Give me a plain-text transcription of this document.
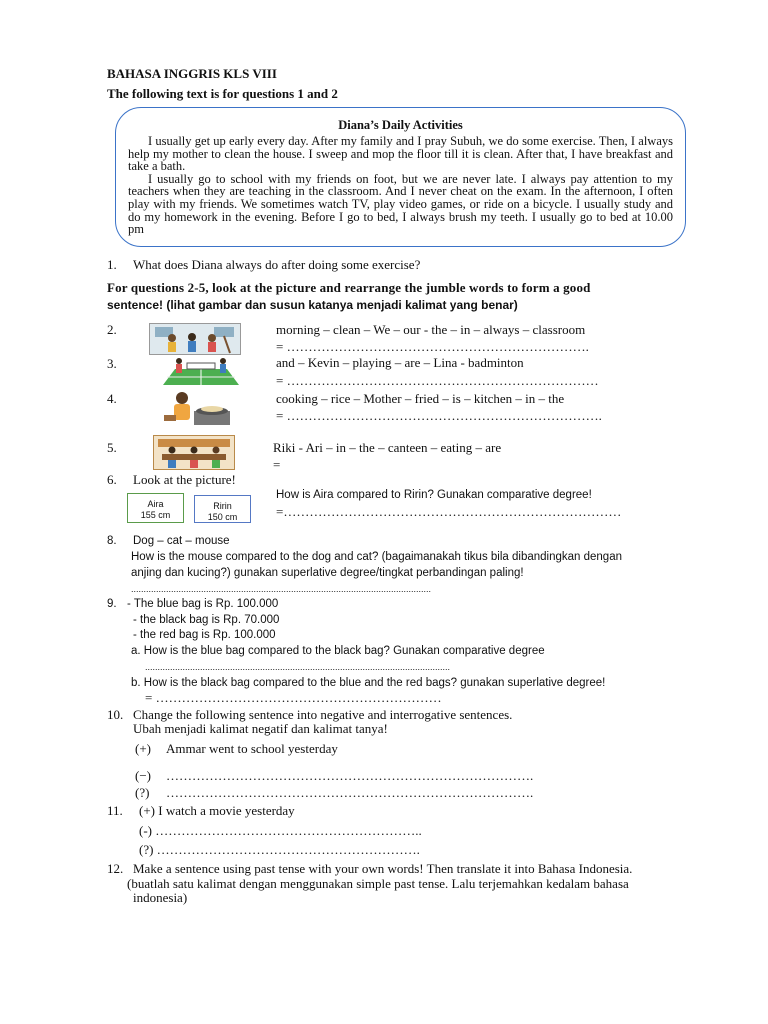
BAHASA INGGRIS KLS VIII
The following text is for questions 1 and 2
Diana’s Daily Activities

I usually get up early every day. After my family and I pray Subuh, we do some exercise. Then, I always help my mother to clean the house. I sweep and mop the floor till it is clean. After that, I have breakfast and take a bath.

I usually go to school with my friends on foot, but we are never late. I always pay attention to my teachers when they are teaching in the classroom. And I never cheat on the exam. In the afternoon, I often play with my friends. We sometimes watch TV, play video games, or ride on a bicycle. I usually study and do my homework in the evening. Before I go to bed, I always brush my teeth. I usually go to bed at 10.00 pm

1. What does Diana always do after doing some exercise?
For questions 2-5, look at the picture and rearrange the jumble words to form a good
sentence! (lihat gambar dan susun katanya menjadi kalimat yang benar)
2.	morning – clean – We – our - the – in – always – classroom
= …………………………………………………………….
3.	and – Kevin – playing – are – Lina - badminton
= ………………………………………………………………
4.	cooking – rice – Mother – fried – is – kitchen – in – the
= ……………………………………………………………….
5.	Riki - Ari – in – the – canteen – eating – are
=
6. Look at the picture!
Aira
155 cm
Ririn
150 cm
How is Aira compared to Ririn? Gunakan comparative degree!
=……………………………………………………………………
8. Dog – cat – mouse
How is the mouse compared to the dog and cat? (bagaimanakah tikus bila dibandingkan dengan
anjing dan kucing?) gunakan superlative degree/tingkat perbandingan paling!
........................................................................................................................
9. - The blue bag is Rp. 100.000
- the black bag is Rp. 70.000
- the red bag is Rp. 100.000
a. How is the blue bag compared to the black bag? Gunakan comparative degree
..........................................................................................................................
b. How is the black bag compared to the blue and the red bags? gunakan superlative degree!
= …………………………………………………………
10. Change the following sentence into negative and interrogative sentences.
Ubah menjadi kalimat negatif dan kalimat tanya!
(+) Ammar went to school yesterday
(−) ………………………………………………………………………….
(?) ………………………………………………………………………….
11. (+) I watch a movie yesterday
(-) ……………………………………………………..
(?) …………………………………………………….
12. Make a sentence using past tense with your own words! Then translate it into Bahasa Indonesia.
(buatlah satu kalimat dengan menggunakan simple past tense. Lalu terjemahkan kedalam bahasa
indonesia)
